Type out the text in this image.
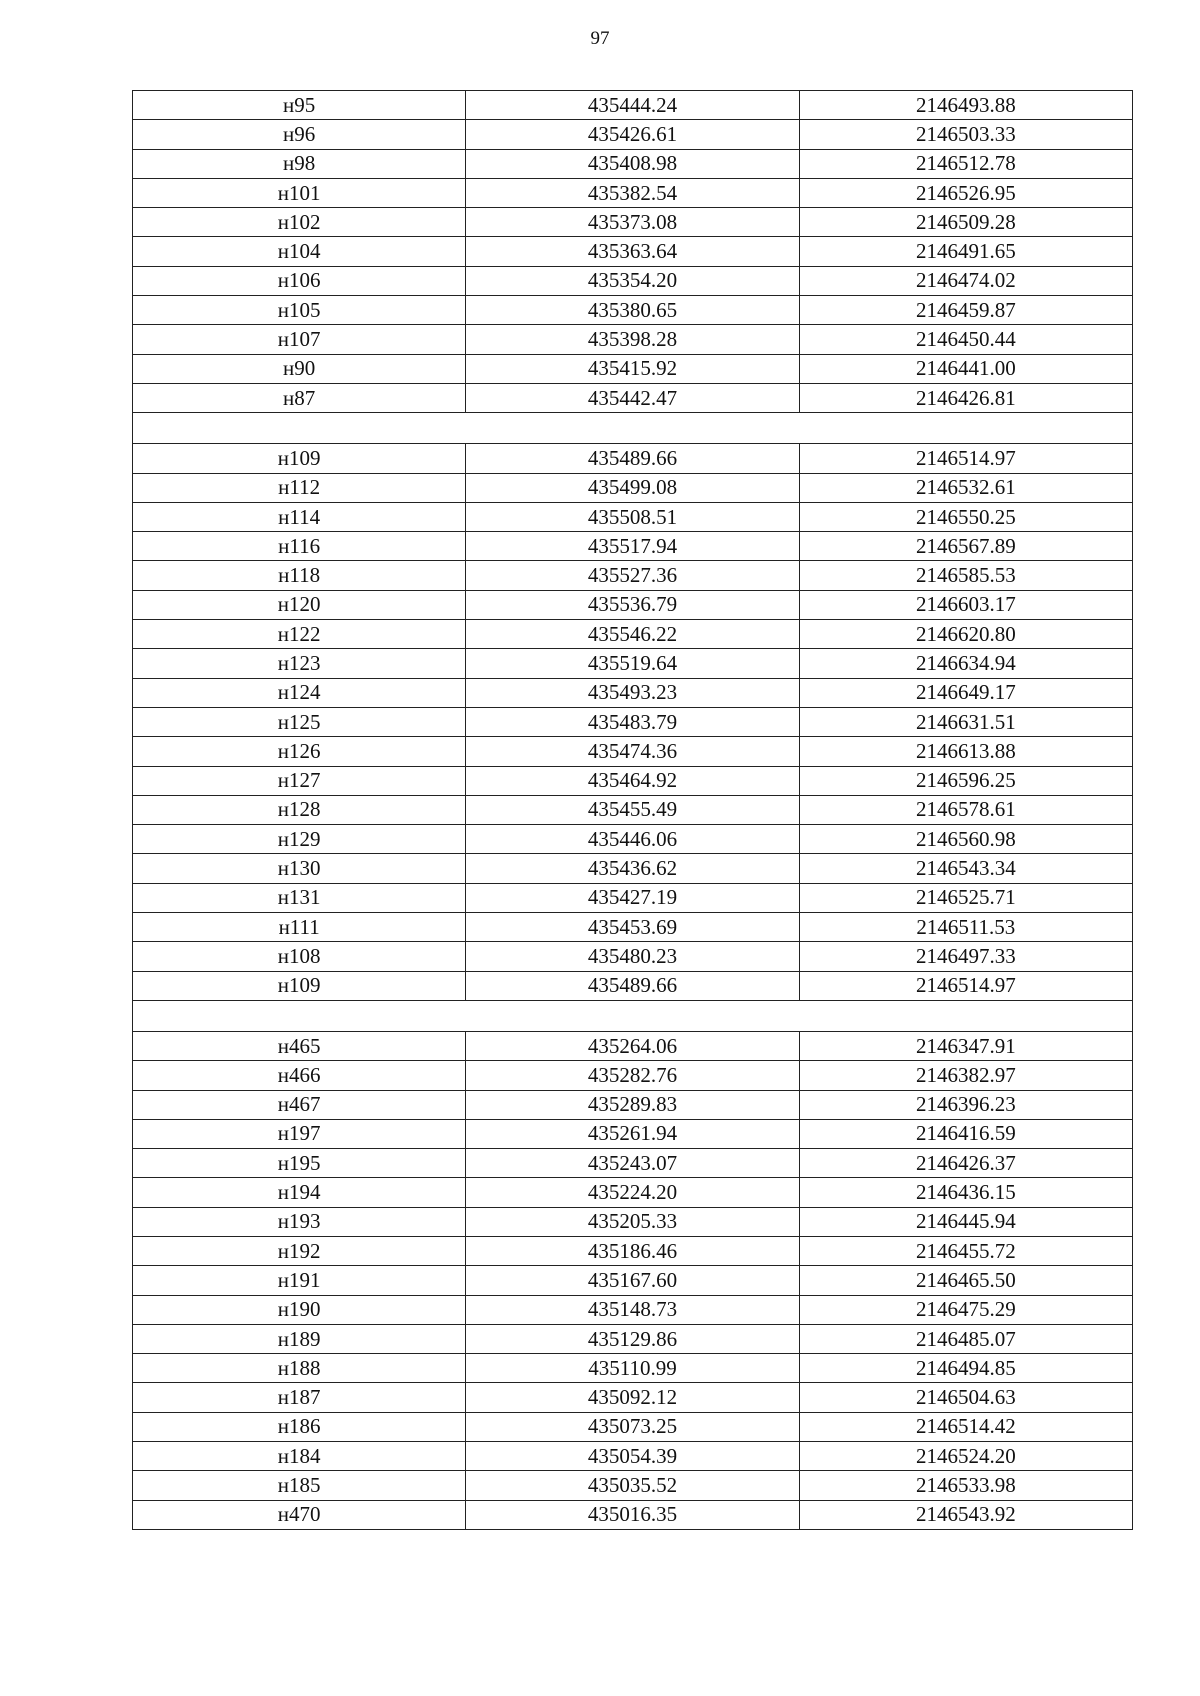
97
н95	435444.24	2146493.88
н96	435426.61	2146503.33
н98	435408.98	2146512.78
н101	435382.54	2146526.95
н102	435373.08	2146509.28
н104	435363.64	2146491.65
н106	435354.20	2146474.02
н105	435380.65	2146459.87
н107	435398.28	2146450.44
н90	435415.92	2146441.00
н87	435442.47	2146426.81

н109	435489.66	2146514.97
н112	435499.08	2146532.61
н114	435508.51	2146550.25
н116	435517.94	2146567.89
н118	435527.36	2146585.53
н120	435536.79	2146603.17
н122	435546.22	2146620.80
н123	435519.64	2146634.94
н124	435493.23	2146649.17
н125	435483.79	2146631.51
н126	435474.36	2146613.88
н127	435464.92	2146596.25
н128	435455.49	2146578.61
н129	435446.06	2146560.98
н130	435436.62	2146543.34
н131	435427.19	2146525.71
н111	435453.69	2146511.53
н108	435480.23	2146497.33
н109	435489.66	2146514.97

н465	435264.06	2146347.91
н466	435282.76	2146382.97
н467	435289.83	2146396.23
н197	435261.94	2146416.59
н195	435243.07	2146426.37
н194	435224.20	2146436.15
н193	435205.33	2146445.94
н192	435186.46	2146455.72
н191	435167.60	2146465.50
н190	435148.73	2146475.29
н189	435129.86	2146485.07
н188	435110.99	2146494.85
н187	435092.12	2146504.63
н186	435073.25	2146514.42
н184	435054.39	2146524.20
н185	435035.52	2146533.98
н470	435016.35	2146543.92
